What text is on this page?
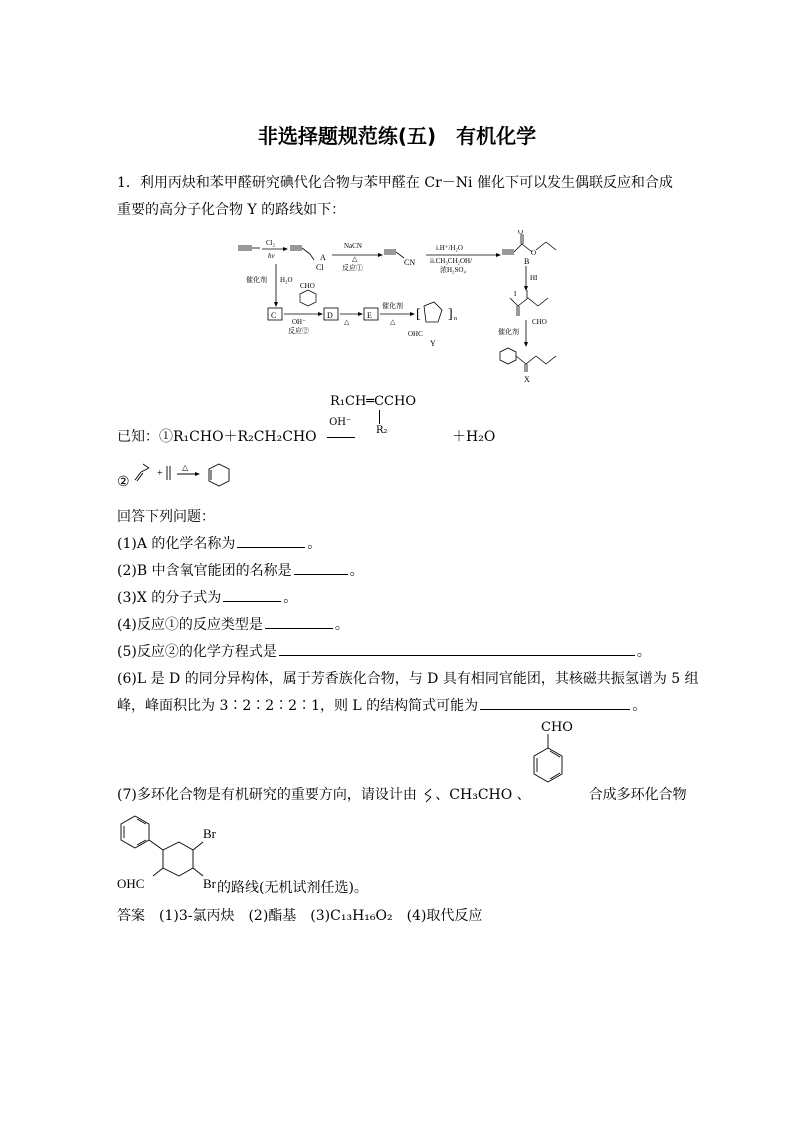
非选择题规范练(五)　有机化学
1．利用丙炔和苯甲醛研究碘代化合物与苯甲醛在 Cr－Ni 催化下可以发生偶联反应和合成
重要的高分子化合物 Y 的路线如下：
Cl₂
hν	A
Cl
NaCN
△
反应①
CN
i.H⁺/H₂O
ii.CH₃CH₂OH/
浓H₂SO₄
O
O
B
HI
I
催化剂 H₂O
C
CHO
OH⁻
反应②
D
△
E
催化剂
△ [ ] n
OHC
Y
催化剂
CHO
X
R₁CH═CCHO
R₂
已知：①R₁CHO＋R₂CH₂CHO
OH⁻
＋H₂O
②
+
△
回答下列问题：
(1)A 的化学名称为	。
(2)B 中含氧官能团的名称是	。
(3)X 的分子式为	。
(4)反应①的反应类型是	。
(5)反应②的化学方程式是	。
(6)L 是 D 的同分异构体，属于芳香族化合物，与 D 具有相同官能团，其核磁共振氢谱为 5 组
峰，峰面积比为 3∶2∶2∶2∶1，则 L 的结构简式可能为	。
CHO
(7)多环化合物是有机研究的重要方向，请设计由 、CH₃CHO 、	合成多环化合物
Br
Br
OHC	的路线(无机试剂任选)。
答案　(1)3-氯丙炔　(2)酯基　(3)C₁₃H₁₆O₂　(4)取代反应
